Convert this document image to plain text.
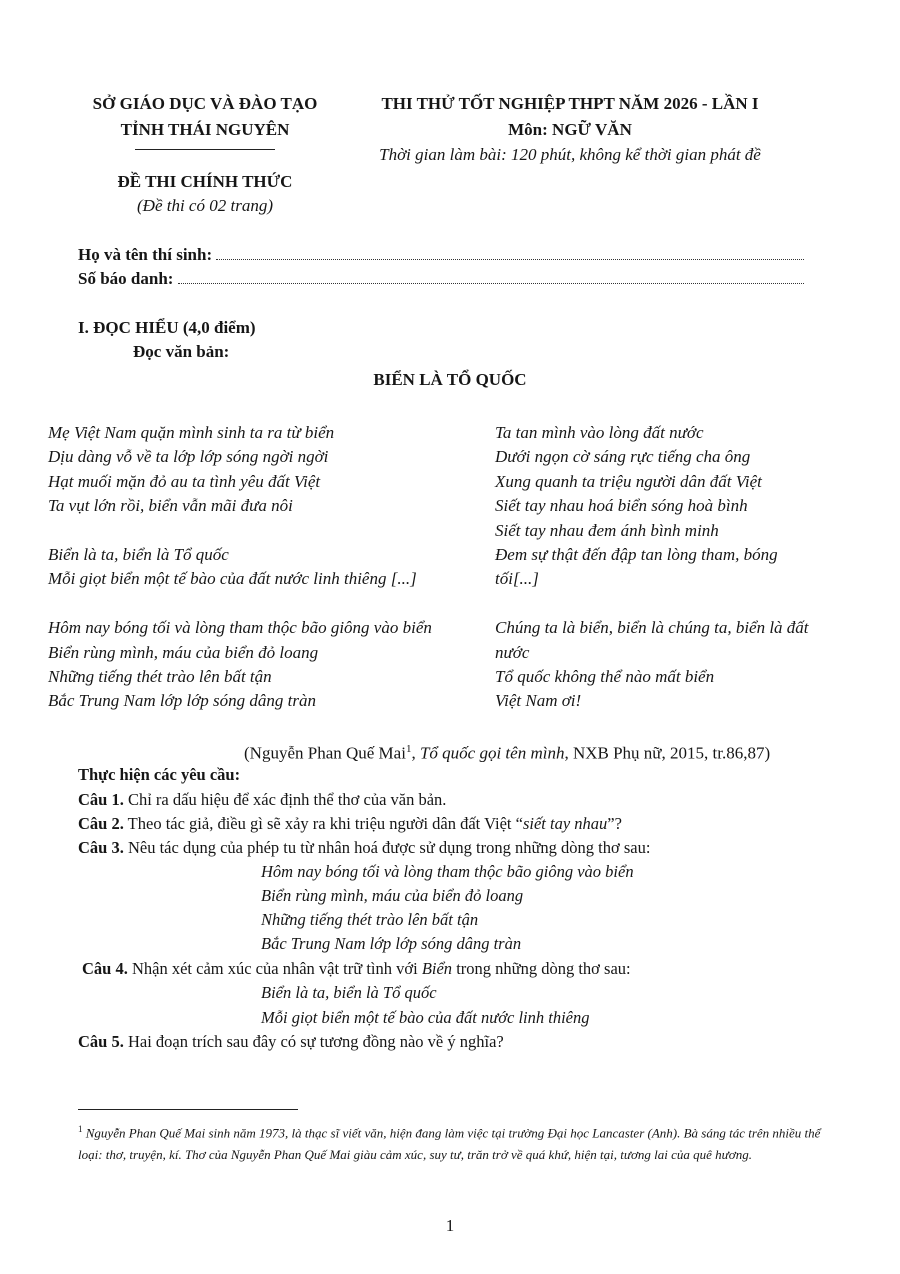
SỞ GIÁO DỤC VÀ ĐÀO TẠO
TỈNH THÁI NGUYÊN
ĐỀ THI CHÍNH THỨC
(Đề thi có 02 trang)
THI THỬ TỐT NGHIỆP THPT NĂM 2026 - LẦN I
Môn: NGỮ VĂN
Thời gian làm bài: 120 phút, không kể thời gian phát đề
Họ và tên thí sinh:
Số báo danh:
I. ĐỌC HIỂU (4,0 điểm)
Đọc văn bản:
BIỂN LÀ TỔ QUỐC
Mẹ Việt Nam quặn mình sinh ta ra từ biển
Dịu dàng vỗ về ta lớp lớp sóng ngời ngời
Hạt muối mặn đỏ au ta tình yêu đất Việt
Ta vụt lớn rồi, biển vẫn mãi đưa nôi
Biển là ta, biển là Tổ quốc
Mỗi giọt biển một tế bào của đất nước linh thiêng [...]
Hôm nay bóng tối và lòng tham thộc bão giông vào biển
Biển rùng mình, máu của biển đỏ loang
Những tiếng thét trào lên bất tận
Bắc Trung Nam lớp lớp sóng dâng tràn
Ta tan mình vào lòng đất nước
Dưới ngọn cờ sáng rực tiếng cha ông
Xung quanh ta triệu người dân đất Việt
Siết tay nhau hoá biển sóng hoà bình
Siết tay nhau đem ánh bình minh
Đem sự thật đến đập tan lòng tham, bóng
tối[...]
Chúng ta là biển, biển là chúng ta, biển là đất
nước
Tổ quốc không thể nào mất biển
Việt Nam ơi!
(Nguyễn Phan Quế Mai$^1$, Tổ quốc gọi tên mình, NXB Phụ nữ, 2015, tr.86,87)
Thực hiện các yêu cầu:
Câu 1. Chỉ ra dấu hiệu để xác định thể thơ của văn bản.
Câu 2. Theo tác giả, điều gì sẽ xảy ra khi triệu người dân đất Việt “siết tay nhau”?
Câu 3. Nêu tác dụng của phép tu từ nhân hoá được sử dụng trong những dòng thơ sau:
Hôm nay bóng tối và lòng tham thộc bão giông vào biển
Biển rùng mình, máu của biển đỏ loang
Những tiếng thét trào lên bất tận
Bắc Trung Nam lớp lớp sóng dâng tràn
Câu 4. Nhận xét cảm xúc của nhân vật trữ tình với Biển trong những dòng thơ sau:
Biển là ta, biển là Tổ quốc
Mỗi giọt biển một tế bào của đất nước linh thiêng
Câu 5. Hai đoạn trích sau đây có sự tương đồng nào về ý nghĩa?
$^1$ Nguyễn Phan Quế Mai sinh năm 1973, là thạc sĩ viết văn, hiện đang làm việc tại trường Đại học Lancaster (Anh). Bà sáng tác trên nhiều thể loại: thơ, truyện, kí. Thơ của Nguyễn Phan Quế Mai giàu cảm xúc, suy tư, trăn trở về quá khứ, hiện tại, tương lai của quê hương.
1
